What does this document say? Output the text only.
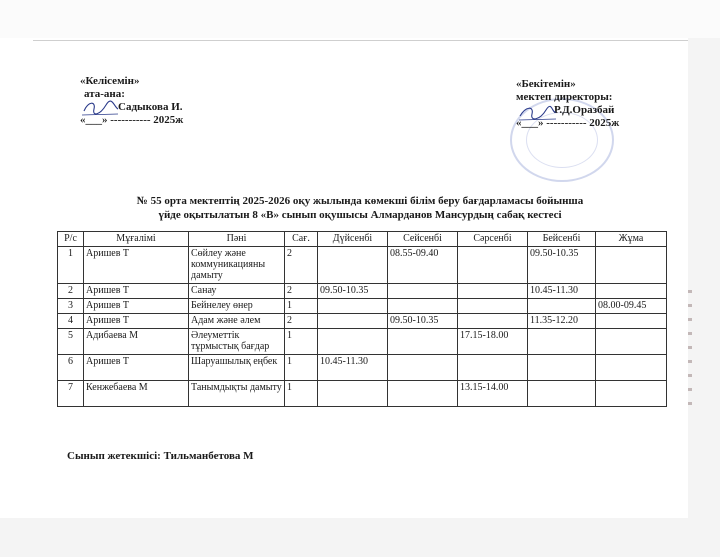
«Келісемін»
ата-ана:
Садыкова И.
«___» ----------- 2025ж
«Бекітемін»
мектеп директоры:
Р.Д.Оразбай
«___» ----------- 2025ж
№ 55 орта мектептің 2025-2026 оқу жылында көмекші білім беру бағдарламасы бойынша
үйде оқытылатын 8 «В» сынып оқушысы Алмарданов Мансурдың сабақ кестесі
Р/с	Мұғалімі	Пәні	Сағ.	Дүйсенбі	Сейсенбі	Сәрсенбі	Бейсенбі	Жұма
1	Аришев Т	Сөйлеу және коммуникацияны дамыту	2		08.55-09.40		09.50-10.35	
2	Аришев Т	Санау	2	09.50-10.35			10.45-11.30	
3	Аришев Т	Бейнелеу өнер	1					08.00-09.45
4	Аришев Т	Адам және әлем	2		09.50-10.35		11.35-12.20	
5	Адибаева М	Әлеуметтік тұрмыстық бағдар	1			17.15-18.00		
6	Аришев Т	Шаруашылық еңбек	1	10.45-11.30				
7	Кенжебаева М	Танымдықты дамыту	1			13.15-14.00		
Сынып жетекшісі: Тильманбетова М
